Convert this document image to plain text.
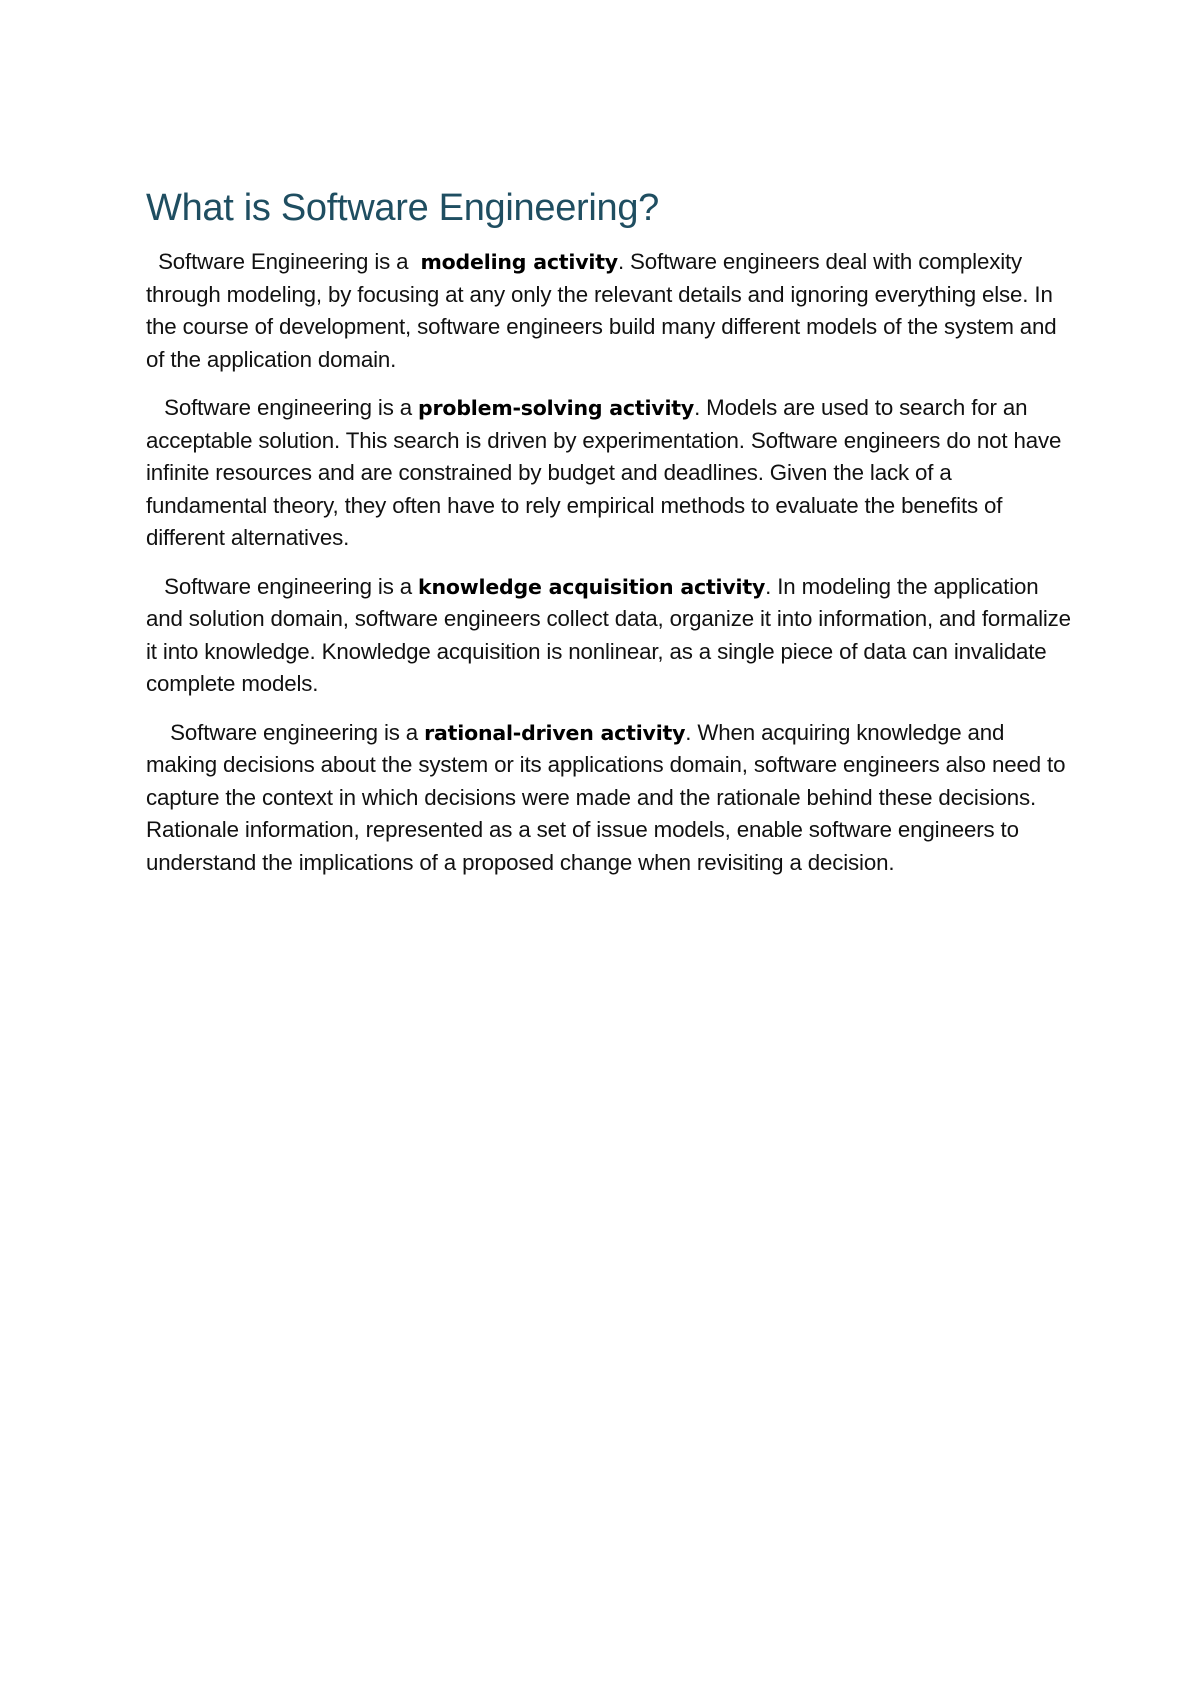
What is Software Engineering?

Software Engineering is a  modeling activity. Software engineers deal with complexity through modeling, by focusing at any only the relevant details and ignoring everything else. In the course of development, software engineers build many different models of the system and of the application domain.

Software engineering is a problem-solving activity. Models are used to search for an acceptable solution. This search is driven by experimentation. Software engineers do not have infinite resources and are constrained by budget and deadlines. Given the lack of a fundamental theory, they often have to rely empirical methods to evaluate the benefits of different alternatives.

Software engineering is a knowledge acquisition activity. In modeling the application and solution domain, software engineers collect data, organize it into information, and formalize it into knowledge. Knowledge acquisition is nonlinear, as a single piece of data can invalidate complete models.

Software engineering is a rational-driven activity. When acquiring knowledge and making decisions about the system or its applications domain, software engineers also need to capture the context in which decisions were made and the rationale behind these decisions. Rationale information, represented as a set of issue models, enable software engineers to understand the implications of a proposed change when revisiting a decision.
